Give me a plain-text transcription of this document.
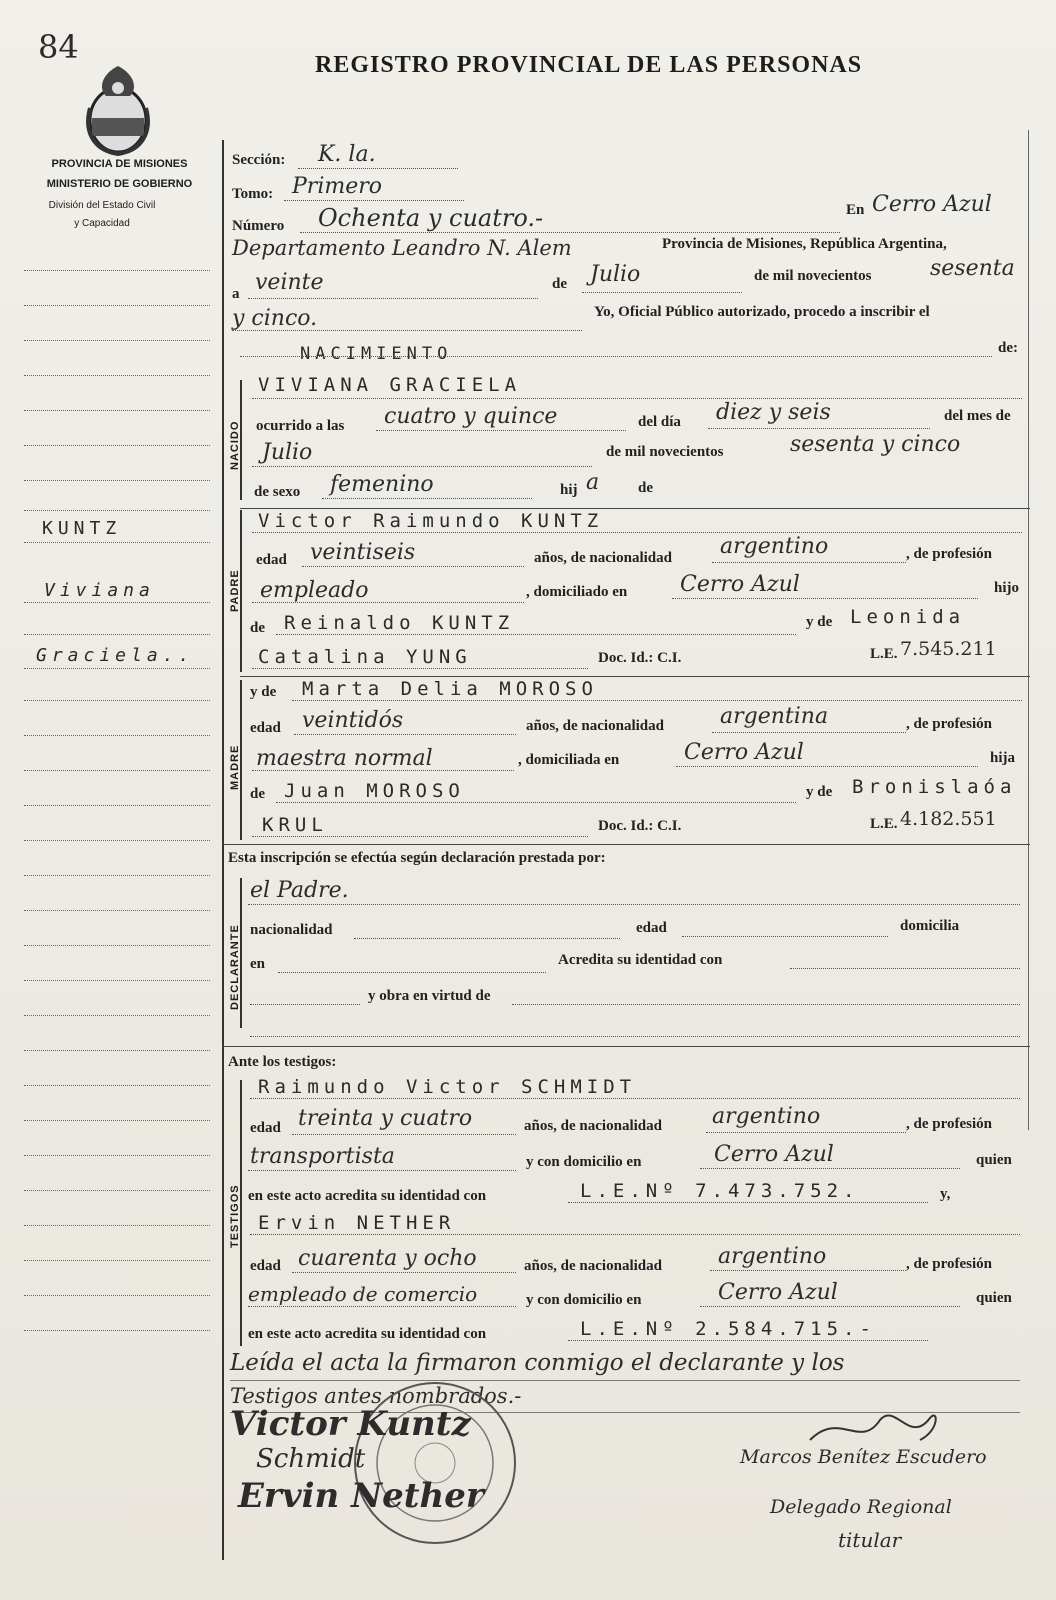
84	REGISTRO PROVINCIAL DE LAS PERSONAS
PROVINCIA DE MISIONES
MINISTERIO DE GOBIERNO
División del Estado Civil
y Capacidad
KUNTZ
Viviana
Graciela..
Sección: K. la.
Tomo: Primero
Número Ochenta y cuatro.-	En Cerro Azul
Departamento Leandro N. Alem	Provincia de Misiones, República Argentina,
a veinte	de Julio	de mil novecientos	sesenta
y cinco.	Yo, Oficial Público autorizado, procedo a inscribir el
NACIMIENTO	de:
NACIDO
VIVIANA GRACIELA
ocurrido a las cuatro y quince	del día diez y seis	del mes de
Julio	de mil novecientos	sesenta y cinco
de sexo femenino	hij a	de
PADRE
Victor Raimundo KUNTZ
edad veintiseis	años, de nacionalidad argentino	, de profesión
empleado	, domiciliado en Cerro Azul	hijo
de Reinaldo KUNTZ	y de Leonida
Catalina YUNG	Doc. Id.: C.I.	L.E. 7.545.211
MADRE
y de Marta Delia MOROSO
edad veintidós	años, de nacionalidad	argentina	, de profesión
maestra normal	, domiciliada en	Cerro Azul	hija
de Juan MOROSO	y de Bronislaóa
KRUL	Doc. Id.: C.I.	L.E. 4.182.551
Esta inscripción se efectúa según declaración prestada por:
DECLARANTE
el Padre.
nacionalidad	edad	domicilia
en	Acredita su identidad con
y obra en virtud de
Ante los testigos:
TESTIGOS
Raimundo Victor SCHMIDT
edad treinta y cuatro	años, de nacionalidad argentino	, de profesión
transportista	y con domicilio en	Cerro Azul	quien
en este acto acredita su identidad con	L.E.Nº 7.473.752.	y,
Ervin NETHER
edad cuarenta y ocho	años, de nacionalidad	argentino	, de profesión
empleado de comercio	y con domicilio en	Cerro Azul	quien
en este acto acredita su identidad con	L.E.Nº 2.584.715.-
Leída el acta la firmaron conmigo el declarante y los
Testigos antes nombrados.-
Victor Kuntz
Schmidt
Ervin Nether
Marcos Benítez Escudero
Delegado Regional
titular
